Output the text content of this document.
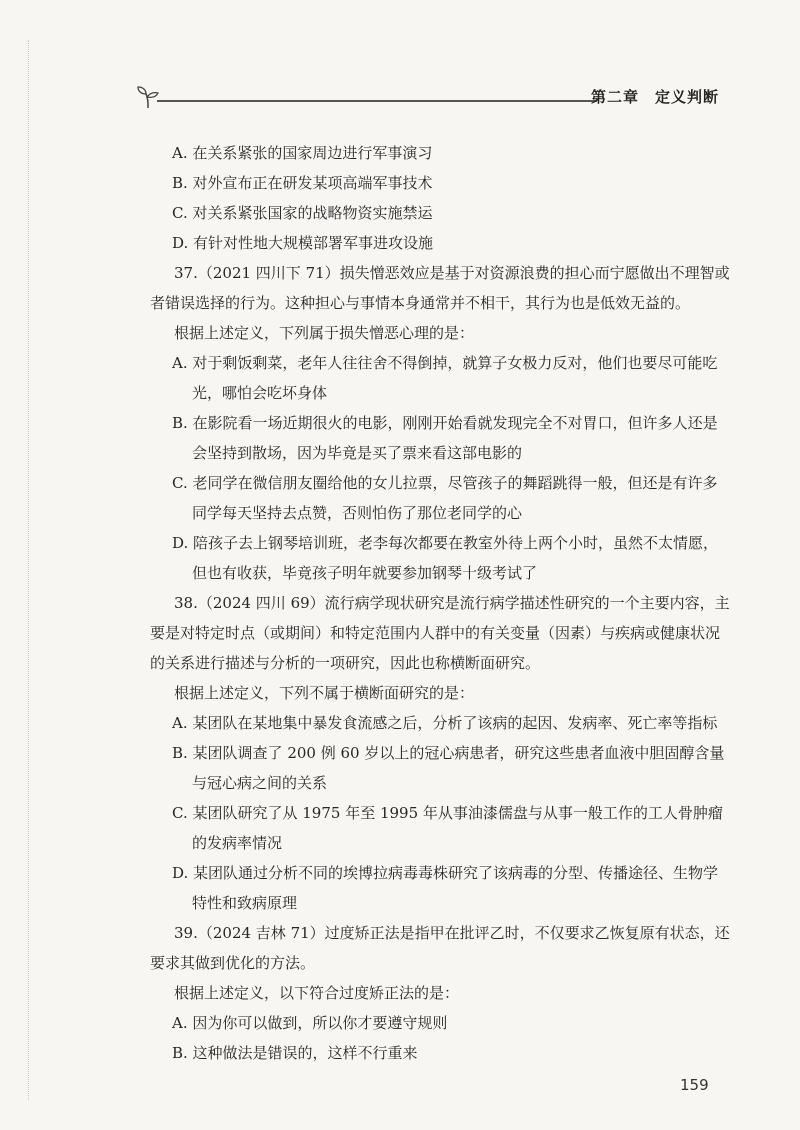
第二章 定义判断

A. 在关系紧张的国家周边进行军事演习

B. 对外宣布正在研发某项高端军事技术

C. 对关系紧张国家的战略物资实施禁运

D. 有针对性地大规模部署军事进攻设施

37.（2021 四川下 71）损失憎恶效应是基于对资源浪费的担心而宁愿做出不理智或者错误选择的行为。这种担心与事情本身通常并不相干，其行为也是低效无益的。

根据上述定义，下列属于损失憎恶心理的是：

A. 对于剩饭剩菜，老年人往往舍不得倒掉，就算子女极力反对，他们也要尽可能吃光，哪怕会吃坏身体

B. 在影院看一场近期很火的电影，刚刚开始看就发现完全不对胃口，但许多人还是会坚持到散场，因为毕竟是买了票来看这部电影的

C. 老同学在微信朋友圈给他的女儿拉票，尽管孩子的舞蹈跳得一般，但还是有许多同学每天坚持去点赞，否则怕伤了那位老同学的心

D. 陪孩子去上钢琴培训班，老李每次都要在教室外待上两个小时，虽然不太情愿，但也有收获，毕竟孩子明年就要参加钢琴十级考试了

38.（2024 四川 69）流行病学现状研究是流行病学描述性研究的一个主要内容，主要是对特定时点（或期间）和特定范围内人群中的有关变量（因素）与疾病或健康状况的关系进行描述与分析的一项研究，因此也称横断面研究。

根据上述定义，下列不属于横断面研究的是：

A. 某团队在某地集中暴发食流感之后，分析了该病的起因、发病率、死亡率等指标

B. 某团队调查了 200 例 60 岁以上的冠心病患者，研究这些患者血液中胆固醇含量与冠心病之间的关系

C. 某团队研究了从 1975 年至 1995 年从事油漆儒盘与从事一般工作的工人骨肿瘤的发病率情况

D. 某团队通过分析不同的埃博拉病毒毒株研究了该病毒的分型、传播途径、生物学特性和致病原理

39.（2024 吉林 71）过度矫正法是指甲在批评乙时，不仅要求乙恢复原有状态，还要求其做到优化的方法。

根据上述定义，以下符合过度矫正法的是：

A. 因为你可以做到，所以你才要遵守规则

B. 这种做法是错误的，这样不行重来

159
